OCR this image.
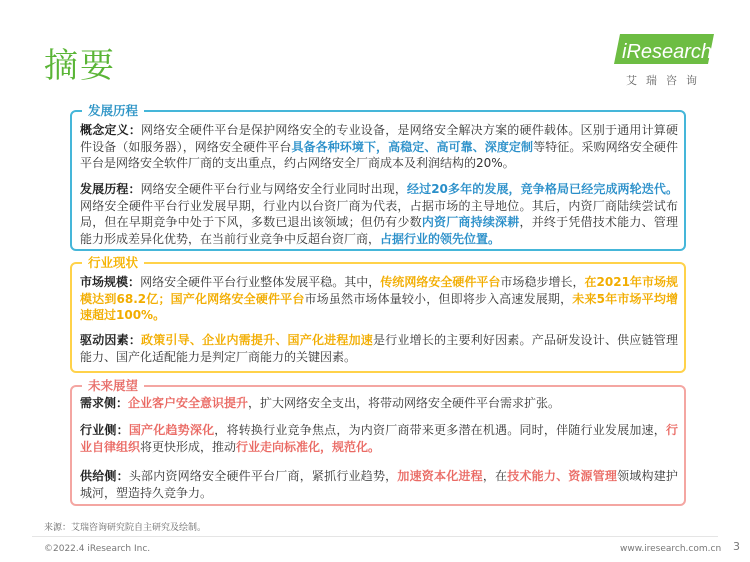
摘要	iResearch
艾瑞咨询
发展历程
概念定义：网络安全硬件平台是保护网络安全的专业设备，是网络安全解决方案的硬件载体。区别于通用计算硬件设备（如服务器），网络安全硬件平台具备各种环境下，高稳定、高可靠、深度定制等特征。采购网络安全硬件平台是网络安全软件厂商的支出重点，约占网络安全厂商成本及利润结构的20%。
发展历程：网络安全硬件平台行业与网络安全行业同时出现，经过20多年的发展，竞争格局已经完成两轮迭代。网络安全硬件平台行业发展早期，行业内以台资厂商为代表，占据市场的主导地位。其后，内资厂商陆续尝试布局，但在早期竞争中处于下风，多数已退出该领域；但仍有少数内资厂商持续深耕，并终于凭借技术能力、管理能力形成差异化优势，在当前行业竞争中反超台资厂商，占据行业的领先位置。
行业现状
市场规模：网络安全硬件平台行业整体发展平稳。其中，传统网络安全硬件平台市场稳步增长，在2021年市场规模达到68.2亿；国产化网络安全硬件平台市场虽然市场体量较小，但即将步入高速发展期，未来5年市场平均增速超过100%。
驱动因素：政策引导、企业内需提升、国产化进程加速是行业增长的主要利好因素。产品研发设计、供应链管理能力、国产化适配能力是判定厂商能力的关键因素。
未来展望
需求侧：企业客户安全意识提升，扩大网络安全支出，将带动网络安全硬件平台需求扩张。
行业侧：国产化趋势深化，将转换行业竞争焦点，为内资厂商带来更多潜在机遇。同时，伴随行业发展加速，行业自律组织将更快形成，推动行业走向标准化，规范化。
供给侧：头部内资网络安全硬件平台厂商，紧抓行业趋势，加速资本化进程，在技术能力、资源管理领域构建护城河，塑造持久竞争力。
来源：艾瑞咨询研究院自主研究及绘制。
©2022.4 iResearch Inc.	www.iresearch.com.cn 3
